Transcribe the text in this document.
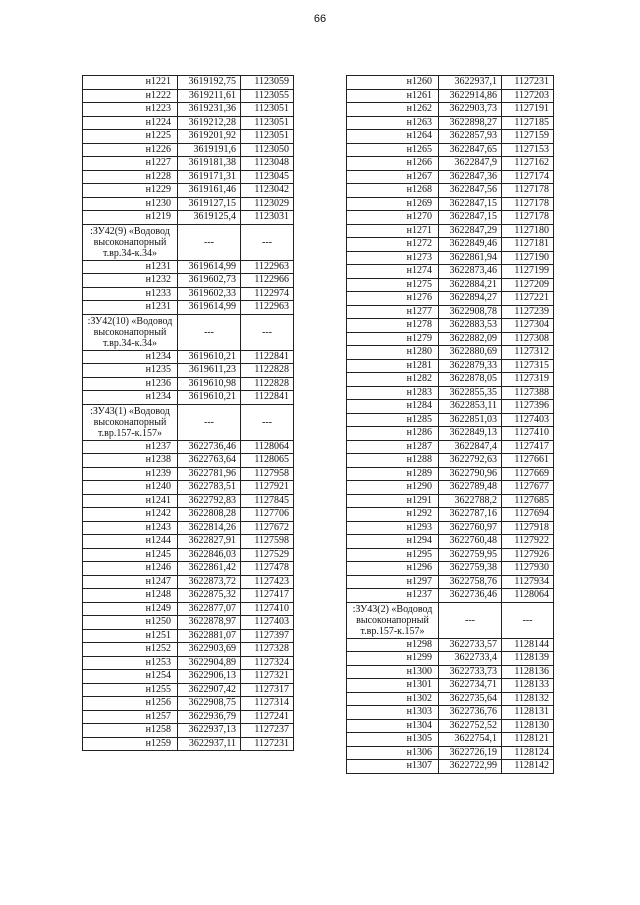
66
н1221	3619192,75	1123059
н1222	3619211,61	1123055
н1223	3619231,36	1123051
н1224	3619212,28	1123051
н1225	3619201,92	1123051
н1226	3619191,6	1123050
н1227	3619181,38	1123048
н1228	3619171,31	1123045
н1229	3619161,46	1123042
н1230	3619127,15	1123029
н1219	3619125,4	1123031
:ЗУ42(9) «Водовод высоконапорный т.вр.34-к.34»	---	---
н1231	3619614,99	1122963
н1232	3619602,73	1122966
н1233	3619602,33	1122974
н1231	3619614,99	1122963
:ЗУ42(10) «Водовод высоконапорный т.вр.34-к.34»	---	---
н1234	3619610,21	1122841
н1235	3619611,23	1122828
н1236	3619610,98	1122828
н1234	3619610,21	1122841
:ЗУ43(1) «Водовод высоконапорный т.вр.157-к.157»	---	---
н1237	3622736,46	1128064
н1238	3622763,64	1128065
н1239	3622781,96	1127958
н1240	3622783,51	1127921
н1241	3622792,83	1127845
н1242	3622808,28	1127706
н1243	3622814,26	1127672
н1244	3622827,91	1127598
н1245	3622846,03	1127529
н1246	3622861,42	1127478
н1247	3622873,72	1127423
н1248	3622875,32	1127417
н1249	3622877,07	1127410
н1250	3622878,97	1127403
н1251	3622881,07	1127397
н1252	3622903,69	1127328
н1253	3622904,89	1127324
н1254	3622906,13	1127321
н1255	3622907,42	1127317
н1256	3622908,75	1127314
н1257	3622936,79	1127241
н1258	3622937,13	1127237
н1259	3622937,11	1127231
н1260	3622937,1	1127231
н1261	3622914,86	1127203
н1262	3622903,73	1127191
н1263	3622898,27	1127185
н1264	3622857,93	1127159
н1265	3622847,65	1127153
н1266	3622847,9	1127162
н1267	3622847,36	1127174
н1268	3622847,56	1127178
н1269	3622847,15	1127178
н1270	3622847,15	1127178
н1271	3622847,29	1127180
н1272	3622849,46	1127181
н1273	3622861,94	1127190
н1274	3622873,46	1127199
н1275	3622884,21	1127209
н1276	3622894,27	1127221
н1277	3622908,78	1127239
н1278	3622883,53	1127304
н1279	3622882,09	1127308
н1280	3622880,69	1127312
н1281	3622879,33	1127315
н1282	3622878,05	1127319
н1283	3622855,35	1127388
н1284	3622853,11	1127396
н1285	3622851,03	1127403
н1286	3622849,13	1127410
н1287	3622847,4	1127417
н1288	3622792,63	1127661
н1289	3622790,96	1127669
н1290	3622789,48	1127677
н1291	3622788,2	1127685
н1292	3622787,16	1127694
н1293	3622760,97	1127918
н1294	3622760,48	1127922
н1295	3622759,95	1127926
н1296	3622759,38	1127930
н1297	3622758,76	1127934
н1237	3622736,46	1128064
:ЗУ43(2) «Водовод высоконапорный т.вр.157-к.157»	---	---
н1298	3622733,57	1128144
н1299	3622733,4	1128139
н1300	3622733,73	1128136
н1301	3622734,71	1128133
н1302	3622735,64	1128132
н1303	3622736,76	1128131
н1304	3622752,52	1128130
н1305	3622754,1	1128121
н1306	3622726,19	1128124
н1307	3622722,99	1128142
